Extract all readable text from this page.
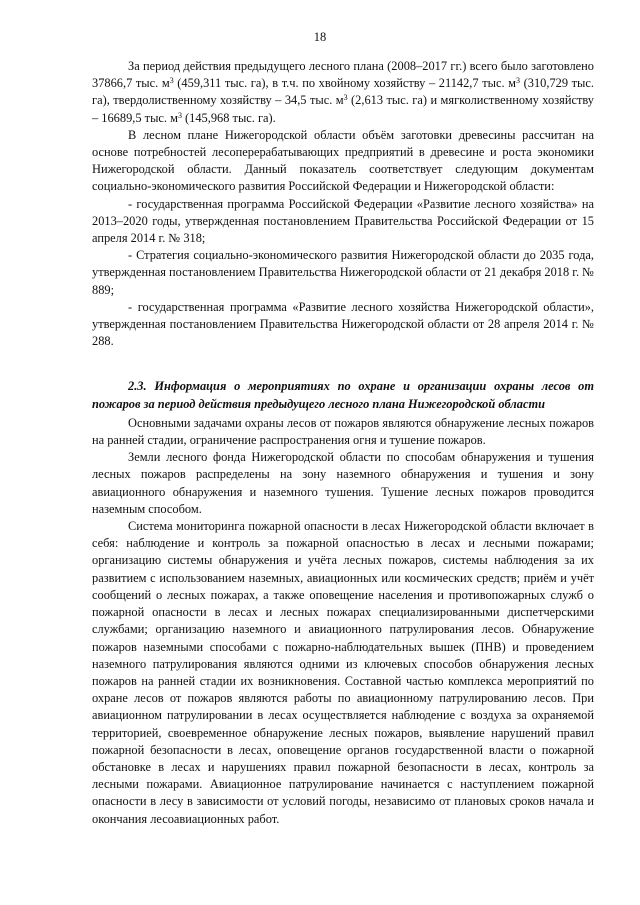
18

За период действия предыдущего лесного плана (2008–2017 гг.) всего было заготовлено 37866,7 тыс. $м^3$ (459,311 тыс. га), в т.ч. по хвойному хозяйству – 21142,7 тыс. $м^3$ (310,729 тыс. га), твердолиственному хозяйству – 34,5 тыс. $м^3$ (2,613 тыс. га) и мягколиственному хозяйству – 16689,5 тыс. $м^3$ (145,968 тыс. га).

В лесном плане Нижегородской области объём заготовки древесины рассчитан на основе потребностей лесоперерабатывающих предприятий в древесине и роста экономики Нижегородской области. Данный показатель соответствует следующим документам социально-экономического развития Российской Федерации и Нижегородской области:

- государственная программа Российской Федерации «Развитие лесного хозяйства» на 2013–2020 годы, утвержденная постановлением Правительства Российской Федерации от 15 апреля 2014 г. № 318;

- Стратегия социально-экономического развития Нижегородской области до 2035 года, утвержденная постановлением Правительства Нижегородской области от 21 декабря 2018 г. № 889;

- государственная программа «Развитие лесного хозяйства Нижегородской области», утвержденная постановлением Правительства Нижегородской области от 28 апреля 2014 г. № 288.

2.3. Информация о мероприятиях по охране и организации охраны лесов от пожаров за период действия предыдущего лесного плана Нижегородской области

Основными задачами охраны лесов от пожаров являются обнаружение лесных пожаров на ранней стадии, ограничение распространения огня и тушение пожаров.

Земли лесного фонда Нижегородской области по способам обнаружения и тушения лесных пожаров распределены на зону наземного обнаружения и тушения и зону авиационного обнаружения и наземного тушения. Тушение лесных пожаров проводится наземным способом.

Система мониторинга пожарной опасности в лесах Нижегородской области включает в себя: наблюдение и контроль за пожарной опасностью в лесах и лесными пожарами; организацию системы обнаружения и учёта лесных пожаров, системы наблюдения за их развитием с использованием наземных, авиационных или космических средств; приём и учёт сообщений о лесных пожарах, а также оповещение населения и противопожарных служб о пожарной опасности в лесах и лесных пожарах специализированными диспетчерскими службами; организацию наземного и авиационного патрулирования лесов. Обнаружение пожаров наземными способами с пожарно-наблюдательных вышек (ПНВ) и проведением наземного патрулирования являются одними из ключевых способов обнаружения лесных пожаров на ранней стадии их возникновения. Составной частью комплекса мероприятий по охране лесов от пожаров являются работы по авиационному патрулированию лесов. При авиационном патрулировании в лесах осуществляется наблюдение с воздуха за охраняемой территорией, своевременное обнаружение лесных пожаров, выявление нарушений правил пожарной безопасности в лесах, оповещение органов государственной власти о пожарной обстановке в лесах и нарушениях правил пожарной безопасности в лесах, контроль за лесными пожарами. Авиационное патрулирование начинается с наступлением пожарной опасности в лесу в зависимости от условий погоды, независимо от плановых сроков начала и окончания лесоавиационных работ.
